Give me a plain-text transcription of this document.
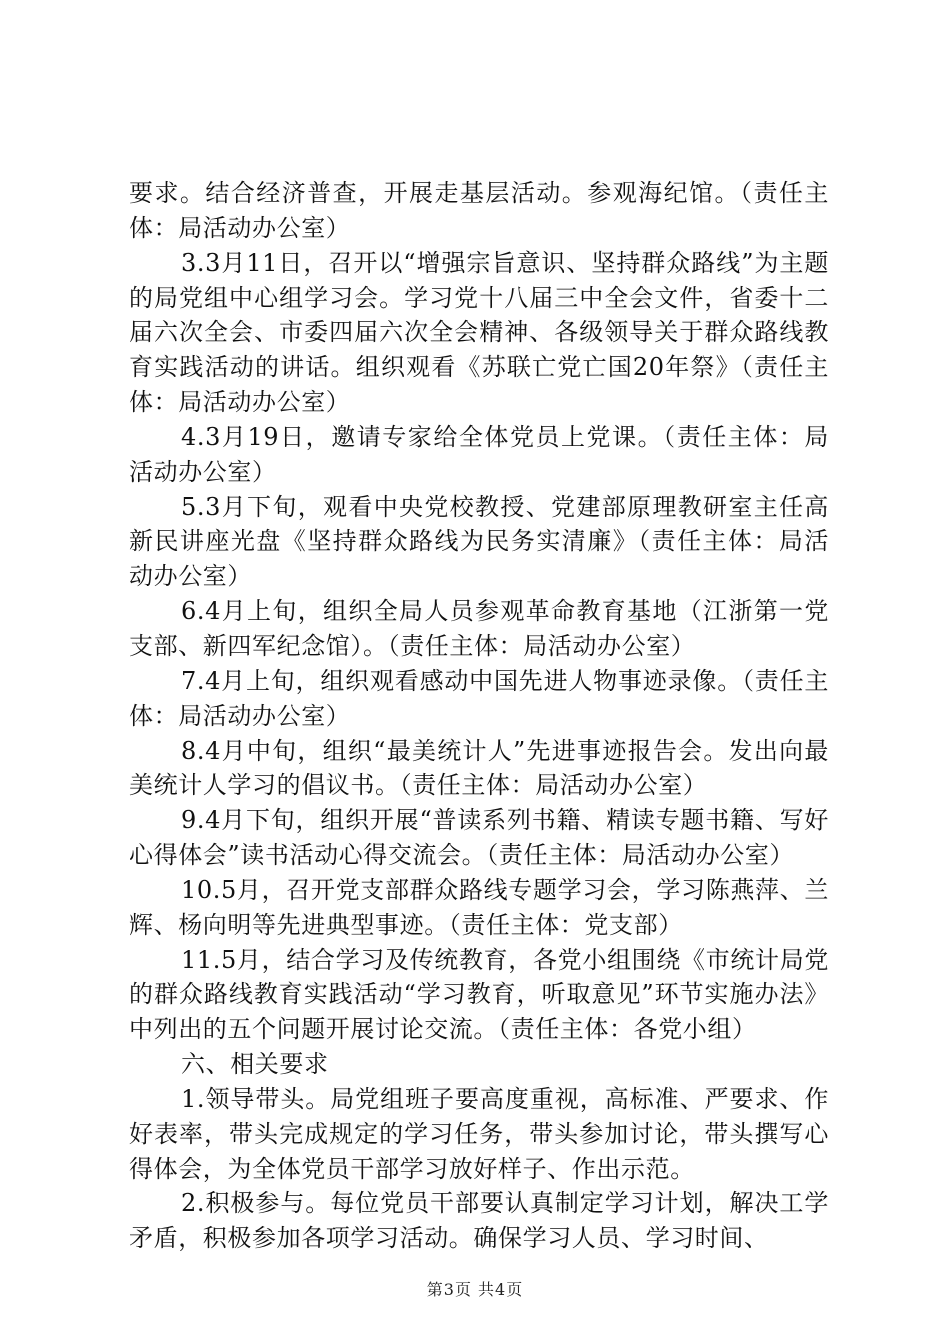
要求。结合经济普查，开展走基层活动。参观海纪馆。（责任主体：局活动办公室）

3.3月11日，召开以“增强宗旨意识、坚持群众路线”为主题的局党组中心组学习会。学习党十八届三中全会文件，省委十二届六次全会、市委四届六次全会精神、各级领导关于群众路线教育实践活动的讲话。组织观看《苏联亡党亡国20年祭》（责任主体：局活动办公室）

4.3月19日，邀请专家给全体党员上党课。（责任主体：局活动办公室）

5.3月下旬，观看中央党校教授、党建部原理教研室主任高新民讲座光盘《坚持群众路线为民务实清廉》（责任主体：局活动办公室）

6.4月上旬，组织全局人员参观革命教育基地（江浙第一党支部、新四军纪念馆）。（责任主体：局活动办公室）

7.4月上旬，组织观看感动中国先进人物事迹录像。（责任主体：局活动办公室）

8.4月中旬，组织“最美统计人”先进事迹报告会。发出向最美统计人学习的倡议书。（责任主体：局活动办公室）

9.4月下旬，组织开展“普读系列书籍、精读专题书籍、写好心得体会”读书活动心得交流会。（责任主体：局活动办公室）

10.5月，召开党支部群众路线专题学习会，学习陈燕萍、兰辉、杨向明等先进典型事迹。（责任主体：党支部）

11.5月，结合学习及传统教育，各党小组围绕《市统计局党的群众路线教育实践活动“学习教育，听取意见”环节实施办法》中列出的五个问题开展讨论交流。（责任主体：各党小组）

六、相关要求

1.领导带头。局党组班子要高度重视，高标准、严要求、作好表率，带头完成规定的学习任务，带头参加讨论，带头撰写心得体会，为全体党员干部学习放好样子、作出示范。

2.积极参与。每位党员干部要认真制定学习计划，解决工学矛盾，积极参加各项学习活动。确保学习人员、学习时间、

第3页 共4页
